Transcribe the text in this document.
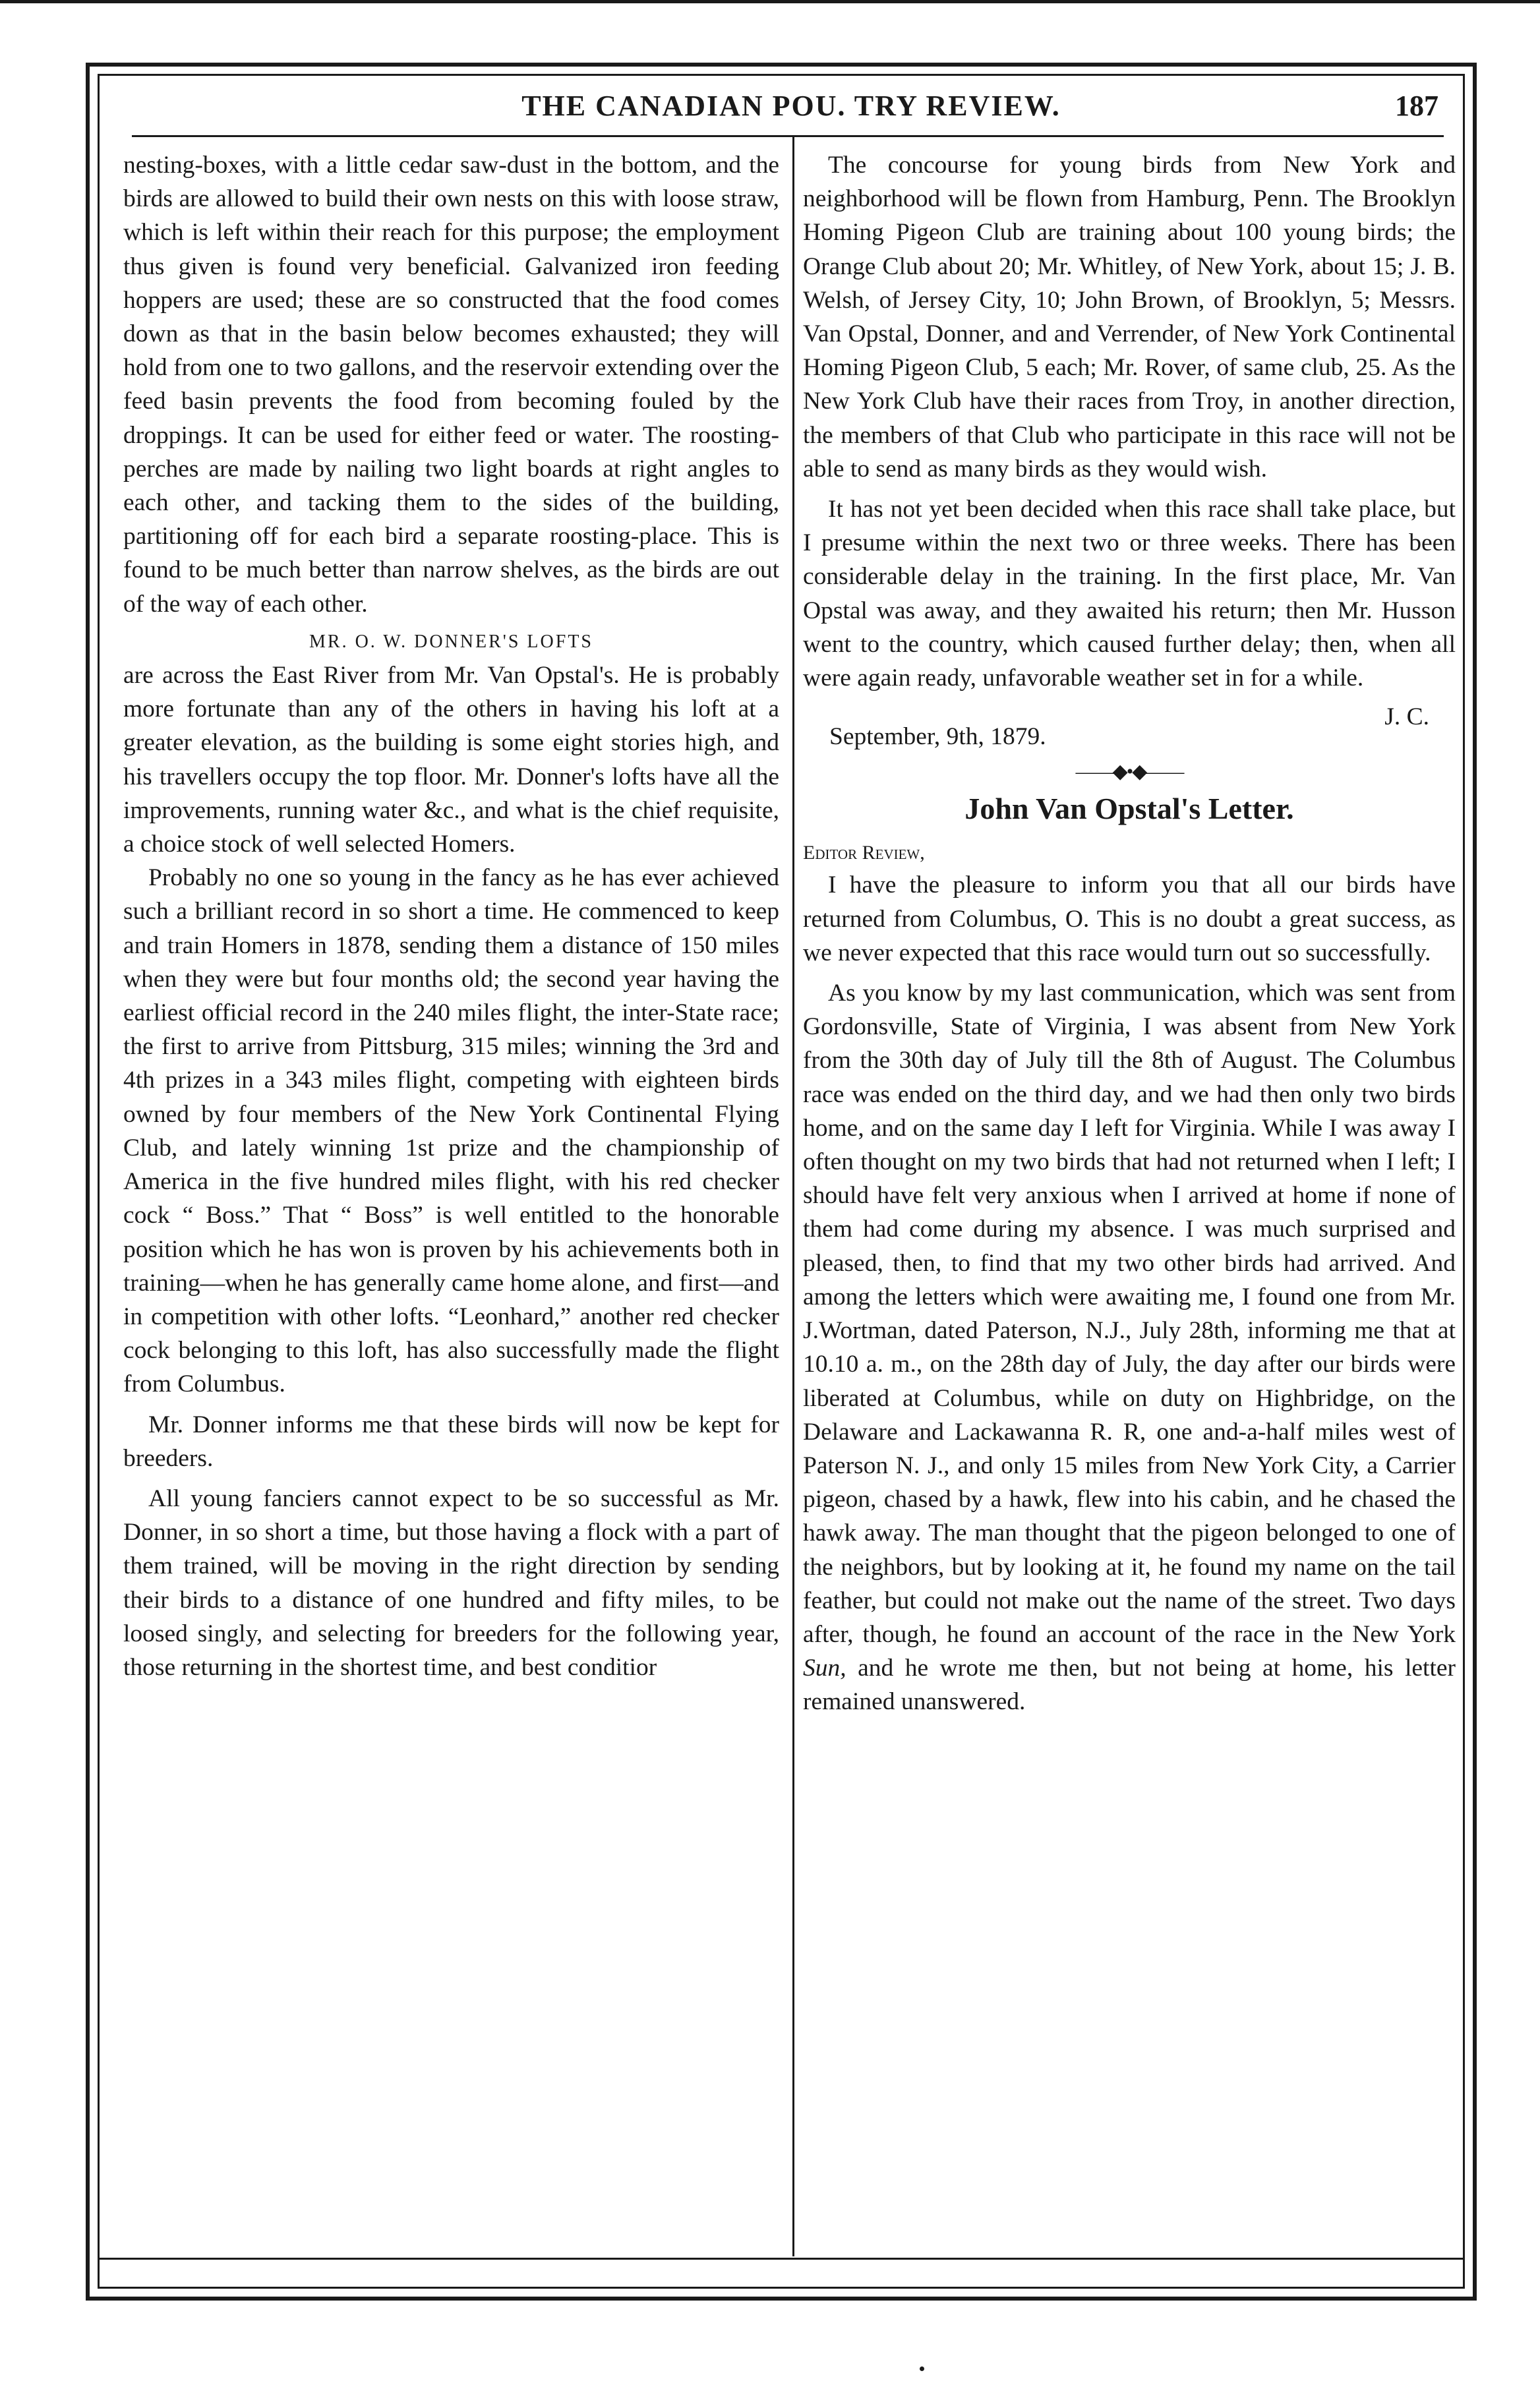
THE CANADIAN POU. TRY REVIEW.	187

nesting-boxes, with a little cedar saw-dust in the bottom, and the birds are allowed to build their own nests on this with loose straw, which is left within their reach for this purpose; the employment thus given is found very beneficial. Galvanized iron feeding hoppers are used; these are so constructed that the food comes down as that in the basin below becomes exhausted; they will hold from one to two gallons, and the reservoir extending over the feed basin prevents the food from becoming fouled by the droppings. It can be used for either feed or water. The roosting-perches are made by nailing two light boards at right angles to each other, and tacking them to the sides of the building, partitioning off for each bird a separate roosting-place. This is found to be much better than narrow shelves, as the birds are out of the way of each other.

MR. O. W. DONNER'S LOFTS

are across the East River from Mr. Van Opstal's. He is probably more fortunate than any of the others in having his loft at a greater elevation, as the building is some eight stories high, and his travellers occupy the top floor. Mr. Donner's lofts have all the improvements, running water &c., and what is the chief requisite, a choice stock of well selected Homers.

Probably no one so young in the fancy as he has ever achieved such a brilliant record in so short a time. He commenced to keep and train Homers in 1878, sending them a distance of 150 miles when they were but four months old; the second year having the earliest official record in the 240 miles flight, the inter-State race; the first to arrive from Pittsburg, 315 miles; winning the 3rd and 4th prizes in a 343 miles flight, competing with eighteen birds owned by four members of the New York Continental Flying Club, and lately winning 1st prize and the championship of America in the five hundred miles flight, with his red checker cock “ Boss.” That “ Boss” is well entitled to the honorable position which he has won is proven by his achievements both in training—when he has generally came home alone, and first—and in competition with other lofts. “Leonhard,” another red checker cock belonging to this loft, has also successfully made the flight from Columbus.

Mr. Donner informs me that these birds will now be kept for breeders.

All young fanciers cannot expect to be so successful as Mr. Donner, in so short a time, but those having a flock with a part of them trained, will be moving in the right direction by sending their birds to a distance of one hundred and fifty miles, to be loosed singly, and selecting for breeders for the following year, those returning in the shortest time, and best conditior

The concourse for young birds from New York and neighborhood will be flown from Hamburg, Penn. The Brooklyn Homing Pigeon Club are training about 100 young birds; the Orange Club about 20; Mr. Whitley, of New York, about 15; J. B. Welsh, of Jersey City, 10; John Brown, of Brooklyn, 5; Messrs. Van Opstal, Donner, and and Verrender, of New York Continental Homing Pigeon Club, 5 each; Mr. Rover, of same club, 25. As the New York Club have their races from Troy, in another direction, the members of that Club who participate in this race will not be able to send as many birds as they would wish.

It has not yet been decided when this race shall take place, but I presume within the next two or three weeks. There has been considerable delay in the training. In the first place, Mr. Van Opstal was away, and they awaited his return; then Mr. Husson went to the country, which caused further delay; then, when all were again ready, unfavorable weather set in for a while.

September, 9th, 1879.
J. C.
——◆•◆——
John Van Opstal's Letter.
Editor Review,

I have the pleasure to inform you that all our birds have returned from Columbus, O. This is no doubt a great success, as we never expected that this race would turn out so successfully.

As you know by my last communication, which was sent from Gordonsville, State of Virginia, I was absent from New York from the 30th day of July till the 8th of August. The Columbus race was ended on the third day, and we had then only two birds home, and on the same day I left for Virginia. While I was away I often thought on my two birds that had not returned when I left; I should have felt very anxious when I arrived at home if none of them had come during my absence. I was much surprised and pleased, then, to find that my two other birds had arrived. And among the letters which were awaiting me, I found one from Mr. J.Wortman, dated Paterson, N.J., July 28th, informing me that at 10.10 a. m., on the 28th day of July, the day after our birds were liberated at Columbus, while on duty on Highbridge, on the Delaware and Lackawanna R. R, one and-a-half miles west of Paterson N. J., and only 15 miles from New York City, a Carrier pigeon, chased by a hawk, flew into his cabin, and he chased the hawk away. The man thought that the pigeon belonged to one of the neighbors, but by looking at it, he found my name on the tail feather, but could not make out the name of the street. Two days after, though, he found an account of the race in the New York Sun, and he wrote me then, but not being at home, his letter remained unanswered.
